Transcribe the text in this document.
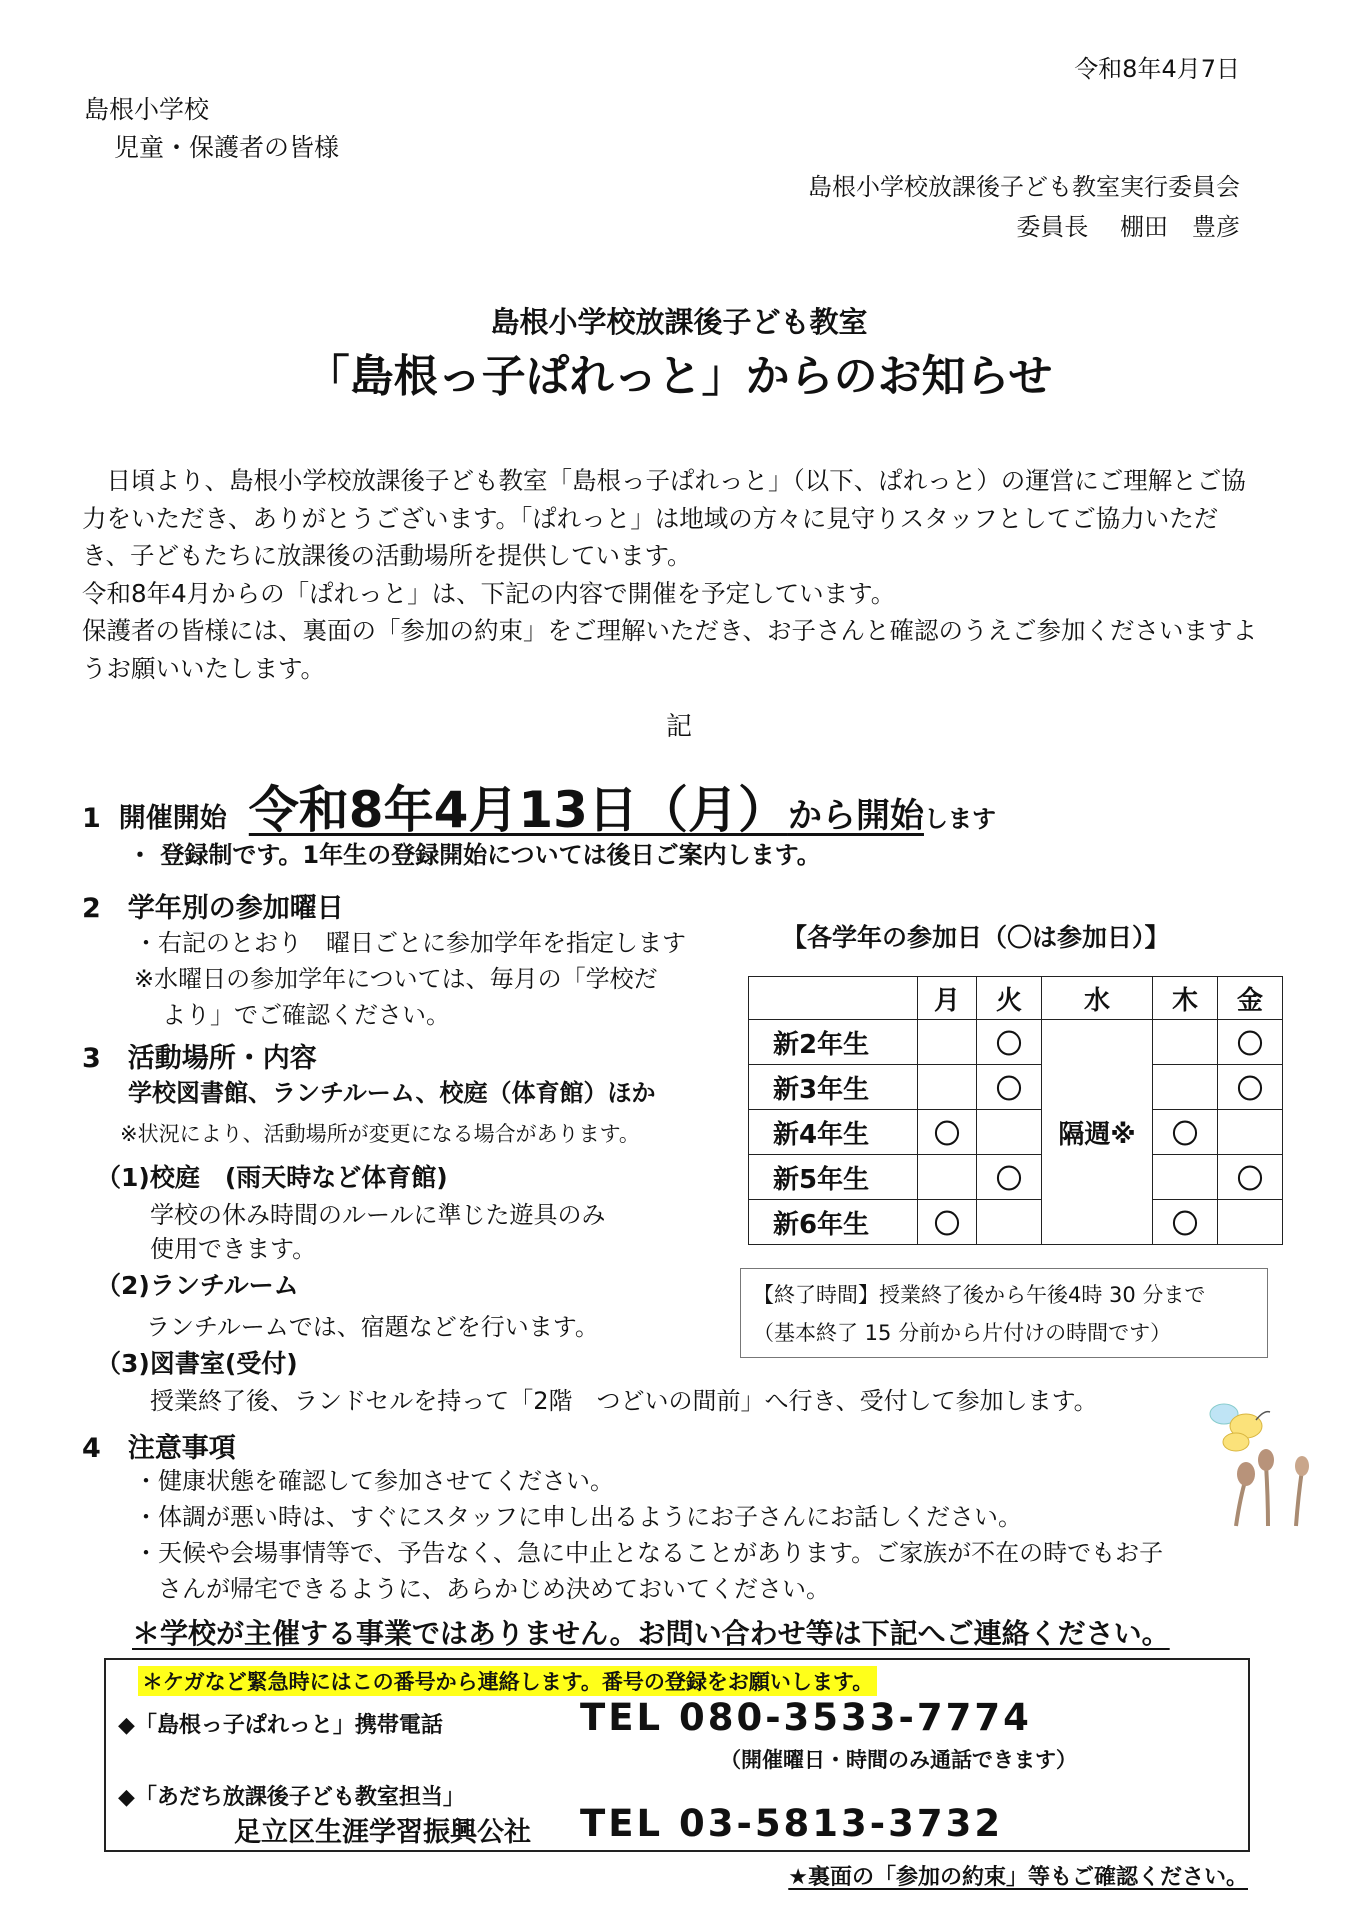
令和8年4月7日
島根小学校
児童・保護者の皆様
島根小学校放課後子ども教室実行委員会
委員長　 棚田　豊彦
島根小学校放課後子ども教室
「島根っ子ぱれっと」からのお知らせ

　日頃より、島根小学校放課後子ども教室「島根っ子ぱれっと」（以下、ぱれっと）の運営にご理解とご協力をいただき、ありがとうございます。「ぱれっと」は地域の方々に見守りスタッフとしてご協力いただき、子どもたちに放課後の活動場所を提供しています。

令和8年4月からの「ぱれっと」は、下記の内容で開催を予定しています。

保護者の皆様には、裏面の「参加の約束」をご理解いただき、お子さんと確認のうえご参加くださいますようお願いいたします。

記
1 開催開始 令和8年4月13日（月）から開始 します
・ 登録制です。1年生の登録開始については後日ご案内します。
2　学年別の参加曜日
・右記のとおり　曜日ごとに参加学年を指定します
※水曜日の参加学年については、毎月の「学校だ
より」でご確認ください。
3　活動場所・内容
学校図書館、ランチルーム、校庭（体育館）ほか
※状況により、活動場所が変更になる場合があります。
（1)校庭　(雨天時など体育館)
学校の休み時間のルールに準じた遊具のみ
使用できます。
（2)ランチルーム
ランチルームでは、宿題などを行います。
（3)図書室(受付)
授業終了後、ランドセルを持って「2階　つどいの間前」へ行き、受付して参加します。
【各学年の参加日（〇は参加日）】
	月	火	水	木	金
新2年生		〇	隔週※		〇
新3年生		〇			〇
新4年生	〇			〇	
新5年生		〇			〇
新6年生	〇			〇	
【終了時間】授業終了後から午後4時 30 分まで
（基本終了 15 分前から片付けの時間です）
4　注意事項
・健康状態を確認して参加させてください。
・体調が悪い時は、すぐにスタッフに申し出るようにお子さんにお話しください。
・天候や会場事情等で、予告なく、急に中止となることがあります。ご家族が不在の時でもお子
　さんが帰宅できるように、あらかじめ決めておいてください。
＊学校が主催する事業ではありません。お問い合わせ等は下記へご連絡ください。
＊ケガなど緊急時にはこの番号から連絡します。番号の登録をお願いします。
◆「島根っ子ぱれっと」携帯電話	TEL 080-3533-7774
（開催曜日・時間のみ通話できます）
◆「あだち放課後子ども教室担当」
足立区生涯学習振興公社 TEL 03-5813-3732
★裏面の「参加の約束」等もご確認ください。
